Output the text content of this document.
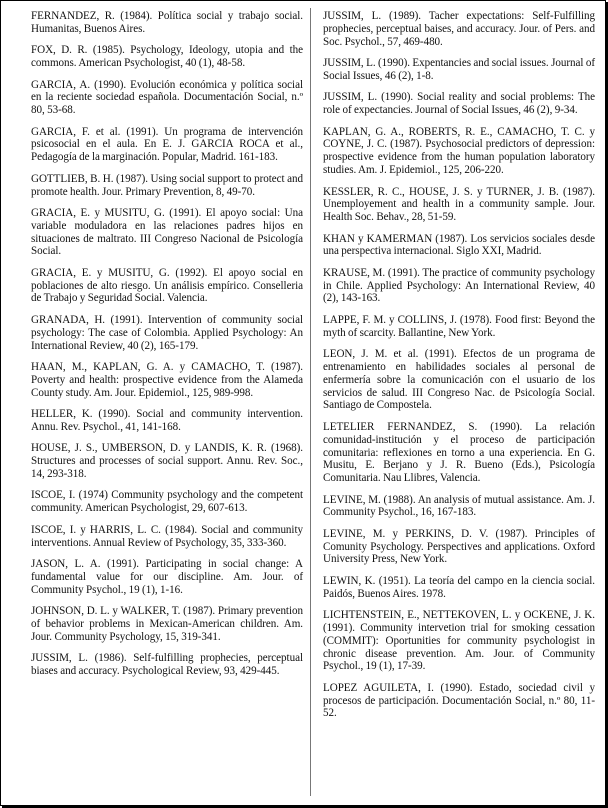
FERNANDEZ, R. (1984). Política social y trabajo social. Humanitas, Buenos Aires.

FOX, D. R. (1985). Psychology, Ideology, utopia and the commons. American Psychologist, 40 (1), 48-58.

GARCIA, A. (1990). Evolución económica y política social en la reciente sociedad española. Documentación Social, n.º 80, 53-68.

GARCIA, F. et al. (1991). Un programa de intervención psicosocial en el aula. En E. J. GARCIA ROCA et al., Pedagogía de la marginación. Popular, Madrid. 161-183.

GOTTLIEB, B. H. (1987). Using social support to protect and promote health. Jour. Primary Prevention, 8, 49-70.

GRACIA, E. y MUSITU, G. (1991). El apoyo social: Una variable moduladora en las relaciones padres hijos en situaciones de maltrato. III Congreso Nacional de Psicología Social.

GRACIA, E. y MUSITU, G. (1992). El apoyo social en poblaciones de alto riesgo. Un análisis empírico. Conselleria de Trabajo y Seguridad Social. Valencia.

GRANADA, H. (1991). Intervention of community social psychology: The case of Colombia. Applied Psychology: An International Review, 40 (2), 165-179.

HAAN, M., KAPLAN, G. A. y CAMACHO, T. (1987). Poverty and health: prospective evidence from the Alameda County study. Am. Jour. Epidemiol., 125, 989-998.

HELLER, K. (1990). Social and community intervention. Annu. Rev. Psychol., 41, 141-168.

HOUSE, J. S., UMBERSON, D. y LANDIS, K. R. (1968). Structures and processes of social support. Annu. Rev. Soc., 14, 293-318.

ISCOE, I. (1974) Community psychology and the competent community. American Psychologist, 29, 607-613.

ISCOE, I. y HARRIS, L. C. (1984). Social and community interventions. Annual Review of Psychology, 35, 333-360.

JASON, L. A. (1991). Participating in social change: A fundamental value for our discipline. Am. Jour. of Community Psychol., 19 (1), 1-16.

JOHNSON, D. L. y WALKER, T. (1987). Primary prevention of behavior problems in Mexican-American children. Am. Jour. Community Psychology, 15, 319-341.

JUSSIM, L. (1986). Self-fulfilling prophecies, perceptual biases and accuracy. Psychological Review, 93, 429-445.

JUSSIM, L. (1989). Tacher expectations: Self-Fulfilling prophecies, perceptual baises, and accuracy. Jour. of Pers. and Soc. Psychol., 57, 469-480.

JUSSIM, L. (1990). Expentancies and social issues. Journal of Social Issues, 46 (2), 1-8.

JUSSIM, L. (1990). Social reality and social problems: The role of expectancies. Journal of Social Issues, 46 (2), 9-34.

KAPLAN, G. A., ROBERTS, R. E., CAMACHO, T. C. y COYNE, J. C. (1987). Psychosocial predictors of depression: prospective evidence from the human population laboratory studies. Am. J. Epidemiol., 125, 206-220.

KESSLER, R. C., HOUSE, J. S. y TURNER, J. B. (1987). Unemployement and health in a community sample. Jour. Health Soc. Behav., 28, 51-59.

KHAN y KAMERMAN (1987). Los servicios sociales desde una perspectiva internacional. Siglo XXI, Madrid.

KRAUSE, M. (1991). The practice of community psychology in Chile. Applied Psychology: An International Review, 40 (2), 143-163.

LAPPE, F. M. y COLLINS, J. (1978). Food first: Beyond the myth of scarcity. Ballantine, New York.

LEON, J. M. et al. (1991). Efectos de un programa de entrenamiento en habilidades sociales al personal de enfermería sobre la comunicación con el usuario de los servicios de salud. III Congreso Nac. de Psicología Social. Santiago de Compostela.

LETELIER FERNANDEZ, S. (1990). La relación comunidad-institución y el proceso de participación comunitaria: reflexiones en torno a una experiencia. En G. Musitu, E. Berjano y J. R. Bueno (Eds.), Psicología Comunitaria. Nau Llibres, Valencia.

LEVINE, M. (1988). An analysis of mutual assistance. Am. J. Community Psychol., 16, 167-183.

LEVINE, M. y PERKINS, D. V. (1987). Principles of Comunity Psychology. Perspectives and applications. Oxford University Press, New York.

LEWIN, K. (1951). La teoría del campo en la ciencia social. Paidós, Buenos Aires. 1978.

LICHTENSTEIN, E., NETTEKOVEN, L. y OCKENE, J. K. (1991). Community intervetion trial for smoking cessation (COMMIT): Oportunities for community psychologist in chronic disease prevention. Am. Jour. of Community Psychol., 19 (1), 17-39.

LOPEZ AGUILETA, I. (1990). Estado, sociedad civil y procesos de participación. Documentación Social, n.º 80, 11-52.
